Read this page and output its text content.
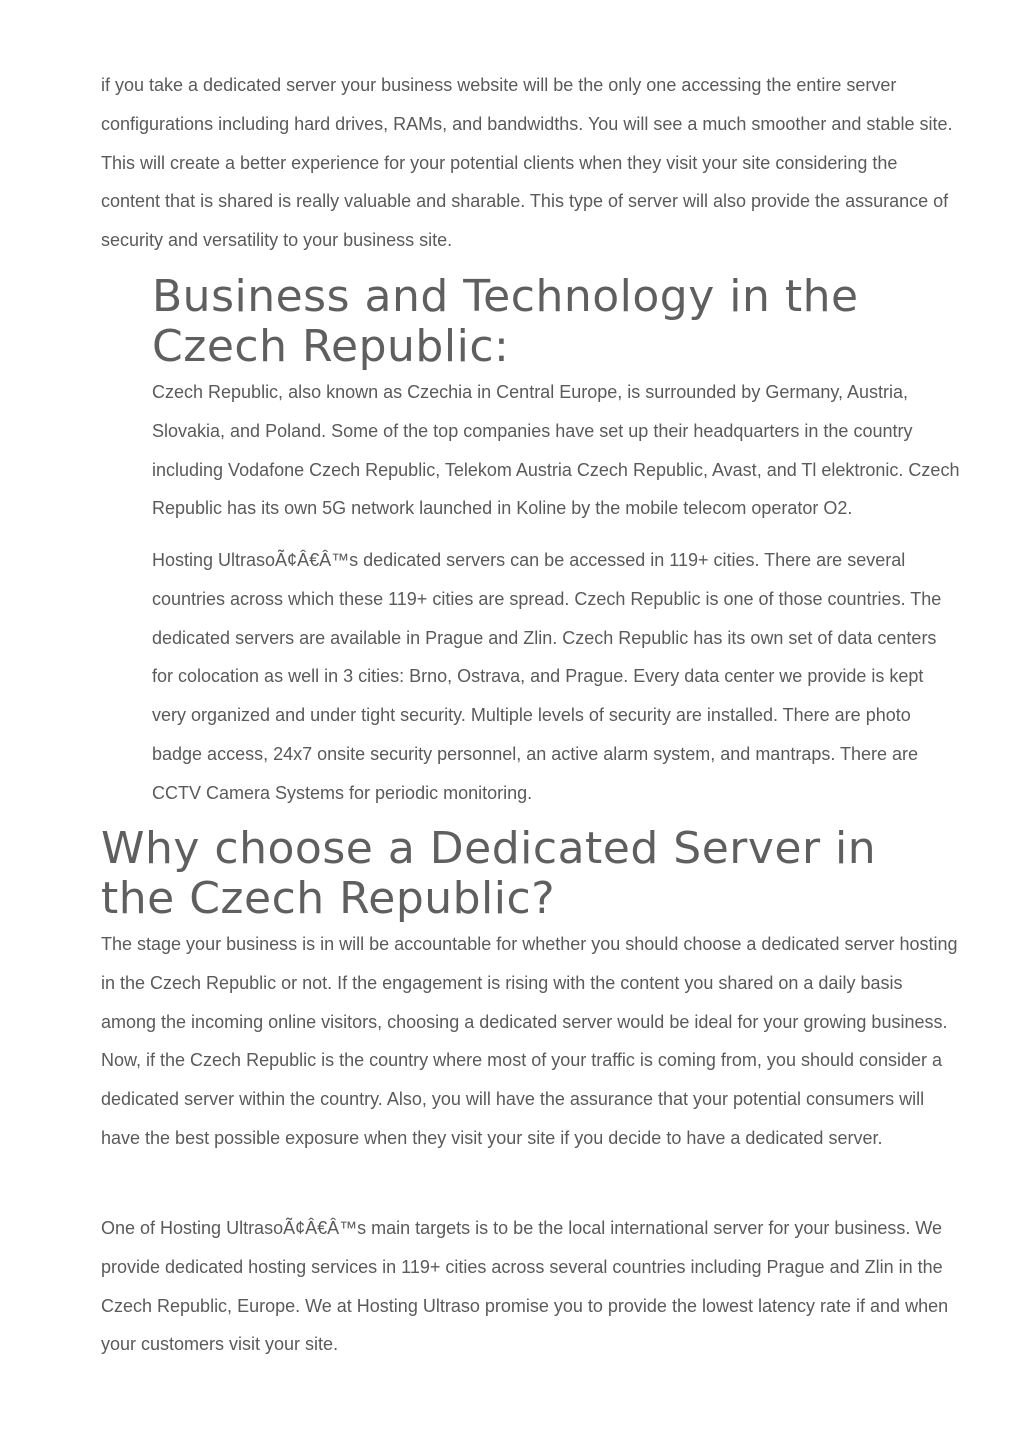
if you take a dedicated server your business website will be the only one accessing the entire server configurations including hard drives, RAMs, and bandwidths. You will see a much smoother and stable site. This will create a better experience for your potential clients when they visit your site considering the content that is shared is really valuable and sharable. This type of server will also provide the assurance of security and versatility to your business site.

Business and Technology in the Czech Republic:

Czech Republic, also known as Czechia in Central Europe, is surrounded by Germany, Austria, Slovakia, and Poland. Some of the top companies have set up their headquarters in the country including Vodafone Czech Republic, Telekom Austria Czech Republic, Avast, and Tl elektronic. Czech Republic has its own 5G network launched in Koline by the mobile telecom operator O2.

Hosting UltrasoÃ¢Â€Â™s dedicated servers can be accessed in 119+ cities. There are several countries across which these 119+ cities are spread. Czech Republic is one of those countries. The dedicated servers are available in Prague and Zlin. Czech Republic has its own set of data centers for colocation as well in 3 cities: Brno, Ostrava, and Prague. Every data center we provide is kept very organized and under tight security. Multiple levels of security are installed. There are photo badge access, 24x7 onsite security personnel, an active alarm system, and mantraps. There are CCTV Camera Systems for periodic monitoring.

Why choose a Dedicated Server in the Czech Republic?

The stage your business is in will be accountable for whether you should choose a dedicated server hosting in the Czech Republic or not. If the engagement is rising with the content you shared on a daily basis among the incoming online visitors, choosing a dedicated server would be ideal for your growing business. Now, if the Czech Republic is the country where most of your traffic is coming from, you should consider a dedicated server within the country. Also, you will have the assurance that your potential consumers will have the best possible exposure when they visit your site if you decide to have a dedicated server.

One of Hosting UltrasoÃ¢Â€Â™s main targets is to be the local international server for your business. We provide dedicated hosting services in 119+ cities across several countries including Prague and Zlin in the Czech Republic, Europe. We at Hosting Ultraso promise you to provide the lowest latency rate if and when your customers visit your site.
